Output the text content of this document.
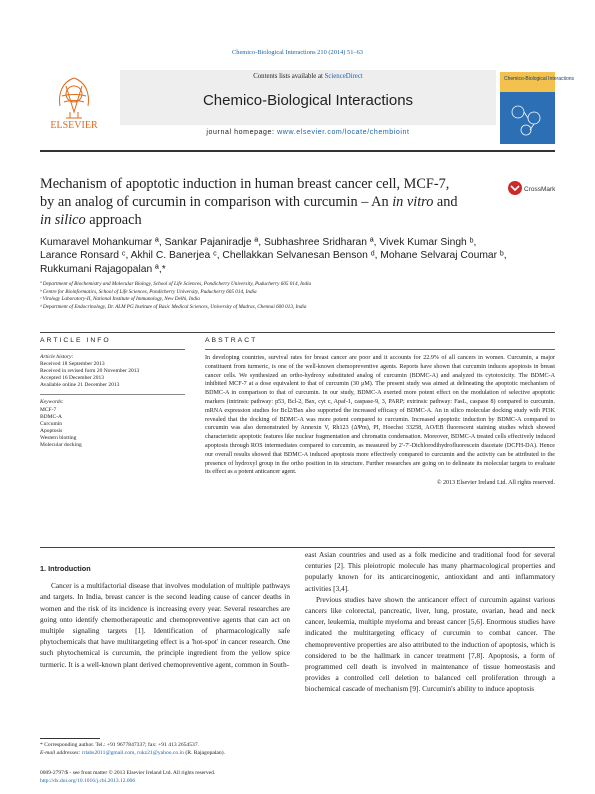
Chemico-Biological Interactions 210 (2014) 51–63
ELSEVIER
Contents lists available at ScienceDirect
Chemico-Biological Interactions
journal homepage: www.elsevier.com/locate/chembioint
Chemico-Biological Interactions
Mechanism of apoptotic induction in human breast cancer cell, MCF-7,
by an analog of curcumin in comparison with curcumin – An in vitro and
in silico approach
CrossMark
Kumaravel Mohankumar ª, Sankar Pajaniradje ª, Subhashree Sridharan ª, Vivek Kumar Singh ᵇ,
Larance Ronsard ᶜ, Akhil C. Banerjea ᶜ, Chellakkan Selvanesan Benson ᵈ, Mohane Selvaraj Coumar ᵇ,
Rukkumani Rajagopalan ª,*
ª Department of Biochemistry and Molecular Biology, School of Life Sciences, Pondicherry University, Puducherry 605 014, India
ᵇ Centre for Bioinformatics, School of Life Sciences, Pondicherry University, Puducherry 605 014, India
ᶜ Virology Laboratory-II, National Institute of Immunology, New Delhi, India
ᵈ Department of Endocrinology, Dr. ALM PG Institute of Basic Medical Sciences, University of Madras, Chennai 600 013, India
ARTICLE INFO	ABSTRACT
Article history:
Received 18 September 2013
Received in revised form 20 November 2013
Accepted 16 December 2013
Available online 21 December 2013
Keywords:
MCF-7
BDMC-A
Curcumin
Apoptosis
Western blotting
Molecular docking
In developing countries, survival rates for breast cancer are poor and it accounts for 22.9% of all cancers in women. Curcumin, a major constituent from turmeric, is one of the well-known chemopreventive agents. Reports have shown that curcumin induces apoptosis in breast cancer cells. We synthesized an ortho-hydroxy substituted analog of curcumin (BDMC-A) and analyzed its cytotoxicity. The BDMC-A inhibited MCF-7 at a dose equivalent to that of curcumin (30 μM). The present study was aimed at delineating the apoptotic mechanism of BDMC-A in comparison to that of curcumin. In our study, BDMC-A exerted more potent effect on the modulation of selective apoptotic markers (intrinsic pathway: p53, Bcl-2, Bax, cyt c, Apaf-1, caspase-9, 3, PARP; extrinsic pathway: FasL, caspase 8) compared to curcumin. mRNA expression studies for Bcl2/Bax also supported the increased efficacy of BDMC-A. An in silico molecular docking study with PI3K revealed that the docking of BDMC-A was more potent compared to curcumin. Increased apoptotic induction by BDMC-A compared to curcumin was also demonstrated by Annexin V, Rh123 (ΔΨm), PI, Hoechst 33258, AO/EB fluorescent staining studies which showed characteristic apoptotic features like nuclear fragmentation and chromatin condensation. Moreover, BDMC-A treated cells effectively induced apoptosis through ROS intermediates compared to curcumin, as measured by 2′-7′-Dichlorodihydrofluorescein diacetate (DCFH-DA). Hence our overall results showed that BDMC-A induced apoptosis more effectively compared to curcumin and the activity can be attributed to the presence of hydroxyl group in the ortho position in its structure. Further researches are going on to delineate its molecular targets to evaluate its effect as a potent anticancer agent.
© 2013 Elsevier Ireland Ltd. All rights reserved.
1. Introduction

Cancer is a multifactorial disease that involves modulation of multiple pathways and targets. In India, breast cancer is the second leading cause of cancer deaths in women and the risk of its incidence is increasing every year. Several researches are going onto identify chemotherapeutic and chemopreventive agents that can act on multiple signaling targets [1]. Identification of pharmacologically safe phytochemicals that have multitargeting effect is a 'hot-spot' in cancer research. One such phytochemical is curcumin, the principle ingredient from the yellow spice turmeric. It is a well-known plant derived chemopreventive agent, common in South-

east Asian countries and used as a folk medicine and traditional food for several centuries [2]. This pleiotropic molecule has many pharmacological properties and popularly known for its anticarcinogenic, antioxidant and anti inflammatory activities [3,4].

Previous studies have shown the anticancer effect of curcumin against various cancers like colorectal, pancreatic, liver, lung, prostate, ovarian, head and neck cancer, leukemia, multiple myeloma and breast cancer [5,6]. Enormous studies have indicated the multitargeting efficacy of curcumin to combat cancer. The chemopreventive properties are also attributed to the induction of apoptosis, which is considered to be the hallmark in cancer treatment [7,8]. Apoptosis, a form of programmed cell death is involved in maintenance of tissue homeostasis and provides a controlled cell deletion to balanced cell proliferation through a biochemical cascade of mechanism [9]. Curcumin's ability to induce apoptosis

* Corresponding author. Tel.: +91 9677847337; fax: +91 413 2654537.
E-mail addresses: rrlabs2011@gmail.com, rukz21@yahoo.co.in (R. Rajagopalan).
0009-2797/$ - see front matter © 2013 Elsevier Ireland Ltd. All rights reserved.
http://dx.doi.org/10.1016/j.cbi.2013.12.006
